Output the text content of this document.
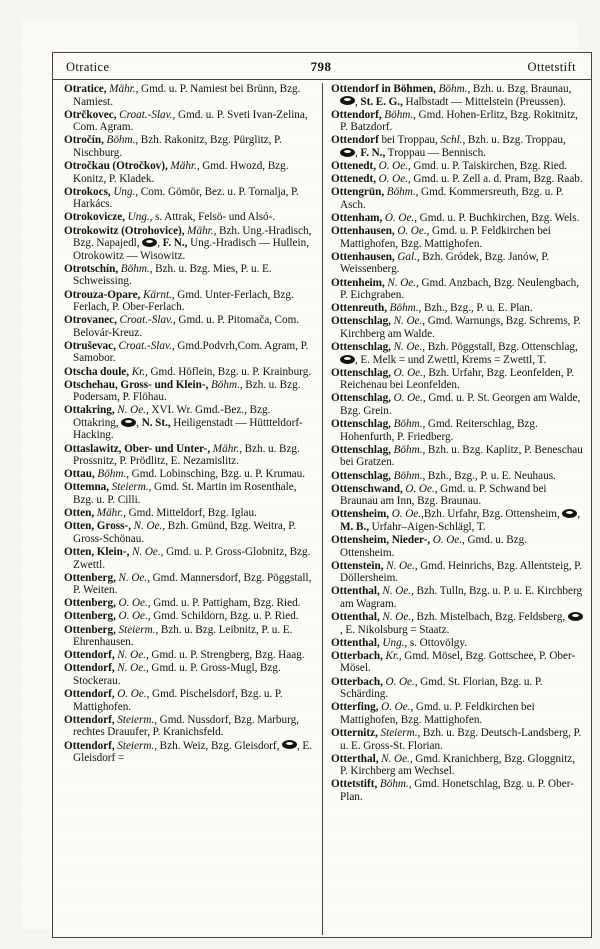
Otratice	798	Ottetstift

Otratice, Mähr., Gmd. u. P. Namiest bei Brünn, Bzg. Namiest.

Otrčkovec, Croat.-Slav., Gmd. u. P. Sveti Ivan-Zelina, Com. Agram.

Otročín, Böhm., Bzh. Rakonitz, Bzg. Pürglitz, P. Nischburg.

Otročkau (Otročkov), Mähr., Gmd. Hwozd, Bzg. Konitz, P. Kladek.

Otrokocs, Ung., Com. Gömör, Bez. u. P. Tornalja, P. Harkács.

Otrokovicze, Ung., s. Attrak, Felsö- und Alsó-.

Otrokowitz (Otrohovice), Mähr., Bzh. Ung.-Hradisch, Bzg. Napajedl, , F. N., Ung.-Hradisch — Hullein, Otrokowitz — Wisowitz.

Otrotschín, Böhm., Bzh. u. Bzg. Mies, P. u. E. Schweissing.

Otrouza-Opare, Kärnt., Gmd. Unter-Ferlach, Bzg. Ferlach, P. Ober-Ferlach.

Otrovanec, Croat.-Slav., Gmd. u. P. Pitomača, Com. Belovár-Kreuz.

Otruševac, Croat.-Slav., Gmd.Podvrh,Com. Agram, P. Samobor.

Otscha doule, Kr., Gmd. Höflein, Bzg. u. P. Krainburg.

Otschehau, Gross- und Klein-, Böhm., Bzh. u. Bzg. Podersam, P. Flöhau.

Ottakring, N. Oe., XVI. Wr. Gmd.-Bez., Bzg. Ottakring, , N. St., Heiligenstadt — Hüttteldorf-Hacking.

Ottaslawitz, Ober- und Unter-, Mähr., Bzh. u. Bzg. Prossnitz, P. Prödlitz, E. Nezamislitz.

Ottau, Böhm., Gmd. Lobinsching, Bzg. u. P. Krumau.

Ottemna, Steierm., Gmd. St. Martin im Rosenthale, Bzg. u. P. Cilli.

Otten, Mähr., Gmd. Mitteldorf, Bzg. Iglau.

Otten, Gross-, N. Oe., Bzh. Gmünd, Bzg. Weitra, P. Gross-Schönau.

Otten, Klein-, N. Oe., Gmd. u. P. Gross-Globnitz, Bzg. Zwettl.

Ottenberg, N. Oe., Gmd. Mannersdorf, Bzg. Pöggstall, P. Weiten.

Ottenberg, O. Oe., Gmd. u. P. Pattigham, Bzg. Ried.

Ottenberg, O. Oe., Gmd. Schildorn, Bzg. u. P. Ried.

Ottenberg, Steierm., Bzh. u. Bzg. Leibnitz, P. u. E. Ehrenhausen.

Ottendorf, N. Oe., Gmd. u. P. Strengberg, Bzg. Haag.

Ottendorf, N. Oe., Gmd. u. P. Gross-Mugl, Bzg. Stockerau.

Ottendorf, O. Oe., Gmd. Pischelsdorf, Bzg. u. P. Mattighofen.

Ottendorf, Steierm., Gmd. Nussdorf, Bzg. Marburg, rechtes Drauufer, P. Kranichsfeld.

Ottendorf, Steierm., Bzh. Weiz, Bzg. Gleisdorf, , E. Gleisdorf =

Ottendorf in Böhmen, Böhm., Bzh. u. Bzg. Braunau, , St. E. G., Halbstadt — Mittelstein (Preussen).

Ottendorf, Böhm., Gmd. Hohen-Erlitz, Bzg. Rokitnitz, P. Batzdorf.

Ottendorf bei Troppau, Schl., Bzh. u. Bzg. Troppau, , F. N., Troppau — Bennisch.

Ottenedt, O. Oe., Gmd. u. P. Taiskirchen, Bzg. Ried.

Ottenedt, O. Oe., Gmd. u. P. Zell a. d. Pram, Bzg. Raab.

Ottengrün, Böhm., Gmd. Kommersreuth, Bzg. u. P. Asch.

Ottenham, O. Oe., Gmd. u. P. Buchkirchen, Bzg. Wels.

Ottenhausen, O. Oe., Gmd. u. P. Feldkirchen bei Mattighofen, Bzg. Mattighofen.

Ottenhausen, Gal., Bzh. Gródek, Bzg. Janów, P. Weissenberg.

Ottenheim, N. Oe., Gmd. Anzbach, Bzg. Neulengbach, P. Eichgraben.

Ottenreuth, Böhm., Bzh., Bzg., P. u. E. Plan.

Ottenschlag, N. Oe., Gmd. Warnungs, Bzg. Schrems, P. Kirchberg am Walde.

Ottenschlag, N. Oe., Bzh. Pöggstall, Bzg. Ottenschlag, , E. Melk = und Zwettl, Krems = Zwettl, T.

Ottenschlag, O. Oe., Bzh. Urfahr, Bzg. Leonfelden, P. Reichenau bei Leonfelden.

Ottenschlag, O. Oe., Gmd. u. P. St. Georgen am Walde, Bzg. Grein.

Ottenschlag, Böhm., Gmd. Reiterschlag, Bzg. Hohenfurth, P. Friedberg.

Ottenschlag, Böhm., Bzh. u. Bzg. Kaplitz, P. Beneschau bei Gratzen.

Ottenschlag, Böhm., Bzh., Bzg., P. u. E. Neuhaus.

Ottenschwand, O. Oe., Gmd. u. P. Schwand bei Braunau am Inn, Bzg. Braunau.

Ottensheim, O. Oe.,Bzh. Urfahr, Bzg. Ottensheim, , M. B., Urfahr–Aigen-Schlägl, T.

Ottensheim, Nieder-, O. Oe., Gmd. u. Bzg. Ottensheim.

Ottenstein, N. Oe., Gmd. Heinrichs, Bzg. Allentsteig, P. Döllersheim.

Ottenthal, N. Oe., Bzh. Tulln, Bzg. u. P. u. E. Kirchberg am Wagram.

Ottenthal, N. Oe., Bzh. Mistelbach, Bzg. Feldsberg, , E. Nikolsburg = Staatz.

Ottenthal, Ung., s. Ottovölgy.

Otterbach, Kr., Gmd. Mösel, Bzg. Gottschee, P. Ober-Mösel.

Otterbach, O. Oe., Gmd. St. Florian, Bzg. u. P. Schärding.

Otterfing, O. Oe., Gmd. u. P. Feldkirchen bei Mattighofen, Bzg. Mattighofen.

Otternitz, Steierm., Bzh. u. Bzg. Deutsch-Landsberg, P. u. E. Gross-St. Florian.

Otterthal, N. Oe., Gmd. Kranichberg, Bzg. Gloggnitz, P. Kirchberg am Wechsel.

Ottetstift, Böhm., Gmd. Honetschlag, Bzg. u. P. Ober-Plan.
